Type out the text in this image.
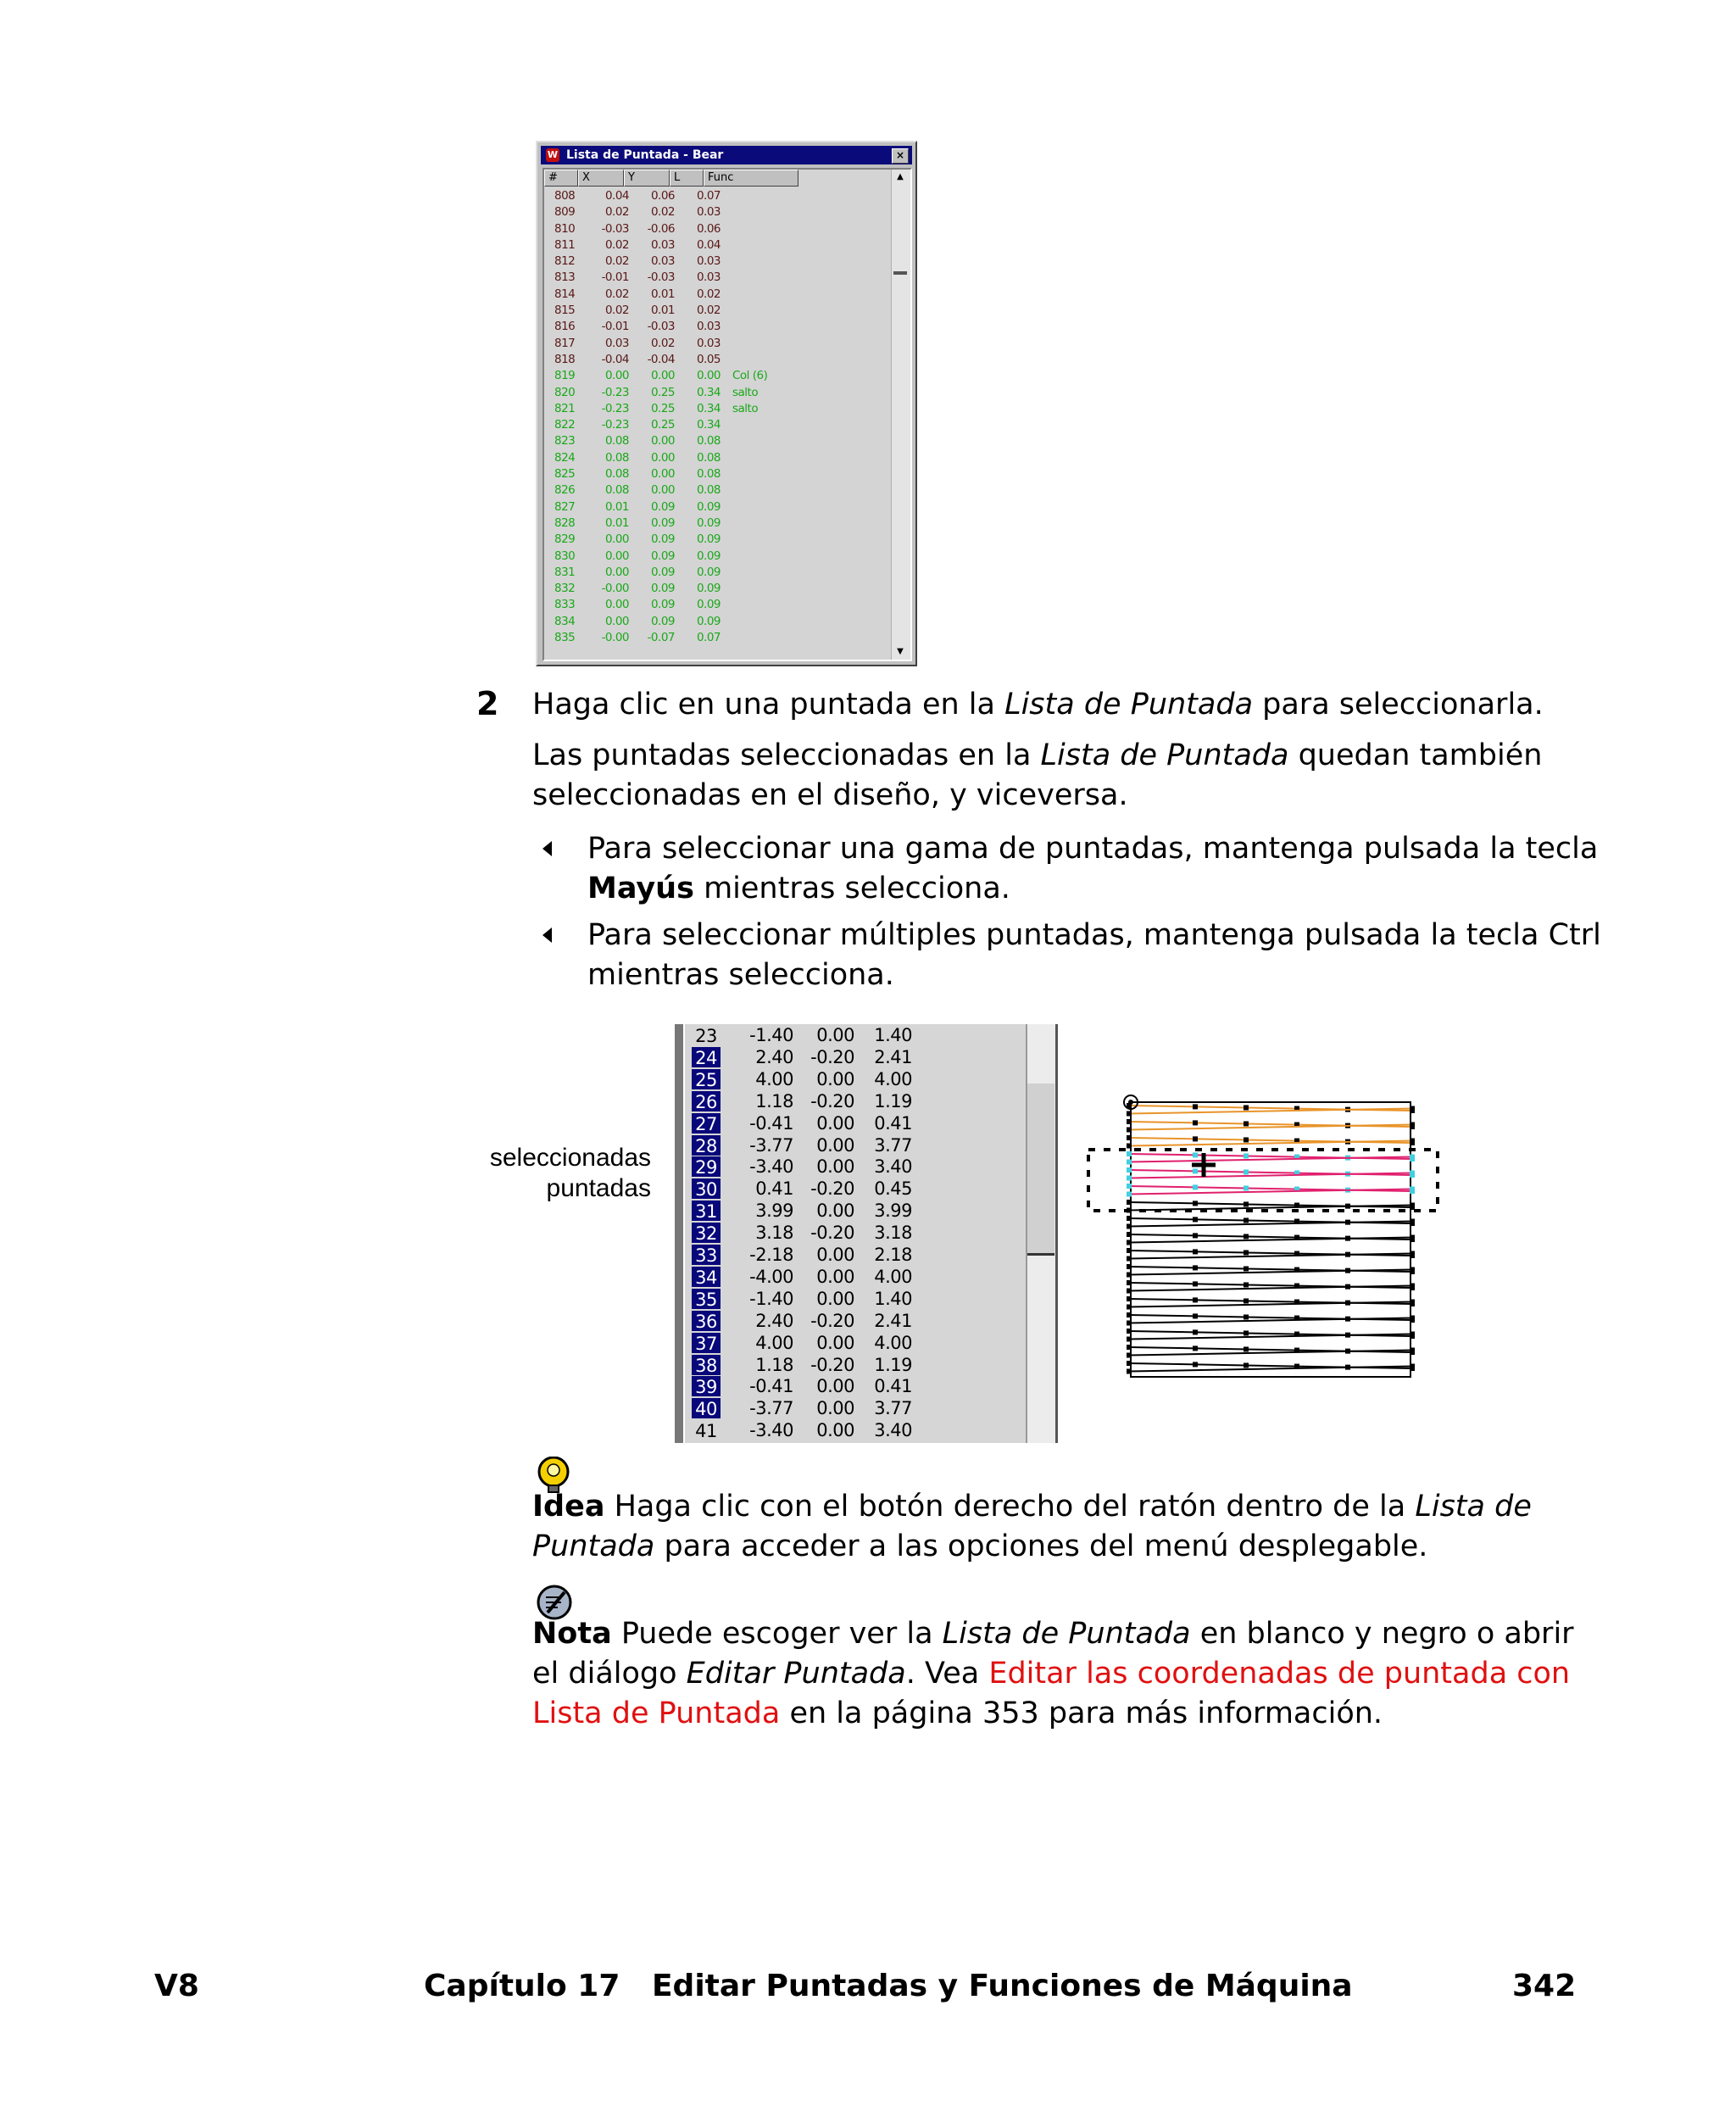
W Lista de Puntada - Bear	×
#	X	Y	L	Func
808	0.04	0.06	0.07
809	0.02	0.02	0.03
810	-0.03	-0.06	0.06
811	0.02	0.03	0.04
812	0.02	0.03	0.03
813	-0.01	-0.03	0.03
814	0.02	0.01	0.02
815	0.02	0.01	0.02
816	-0.01	-0.03	0.03
817	0.03	0.02	0.03
818	-0.04	-0.04	0.05
819	0.00	0.00	0.00	Col (6)
820	-0.23	0.25	0.34	salto
821	-0.23	0.25	0.34	salto
822	-0.23	0.25	0.34
823	0.08	0.00	0.08
824	0.08	0.00	0.08
825	0.08	0.00	0.08
826	0.08	0.00	0.08
827	0.01	0.09	0.09
828	0.01	0.09	0.09
829	0.00	0.09	0.09
830	0.00	0.09	0.09
831	0.00	0.09	0.09
832	-0.00	0.09	0.09
833	0.00	0.09	0.09
834	0.00	0.09	0.09
835	-0.00	-0.07	0.07
▲
▼
2 Haga clic en una puntada en la Lista de Puntada para seleccionarla.
Las puntadas seleccionadas en la Lista de Puntada quedan también
seleccionadas en el diseño, y viceversa.
Para seleccionar una gama de puntadas, mantenga pulsada la tecla
Mayús mientras selecciona.
Para seleccionar múltiples puntadas, mantenga pulsada la tecla Ctrl
mientras selecciona.
seleccionadas
puntadas
23	-1.40	0.00	1.40
24	2.40 -0.20	2.41
25	4.00	0.00	4.00
26	1.18 -0.20	1.19
27	-0.41	0.00	0.41
28	-3.77	0.00	3.77
29	-3.40	0.00	3.40
30	0.41 -0.20	0.45
31	3.99	0.00	3.99
32	3.18 -0.20	3.18
33	-2.18	0.00	2.18
34	-4.00	0.00	4.00
35	-1.40	0.00	1.40
36	2.40 -0.20	2.41
37	4.00	0.00	4.00
38	1.18 -0.20	1.19
39	-0.41	0.00	0.41
40	-3.77	0.00	3.77
41	-3.40	0.00	3.40
Idea Haga clic con el botón derecho del ratón dentro de la Lista de
Puntada para acceder a las opciones del menú desplegable.
Nota Puede escoger ver la Lista de Puntada en blanco y negro o abrir
el diálogo Editar Puntada. Vea Editar las coordenadas de puntada con
Lista de Puntada en la página 353 para más información.
V8	Capítulo 17   Editar Puntadas y Funciones de Máquina	342
